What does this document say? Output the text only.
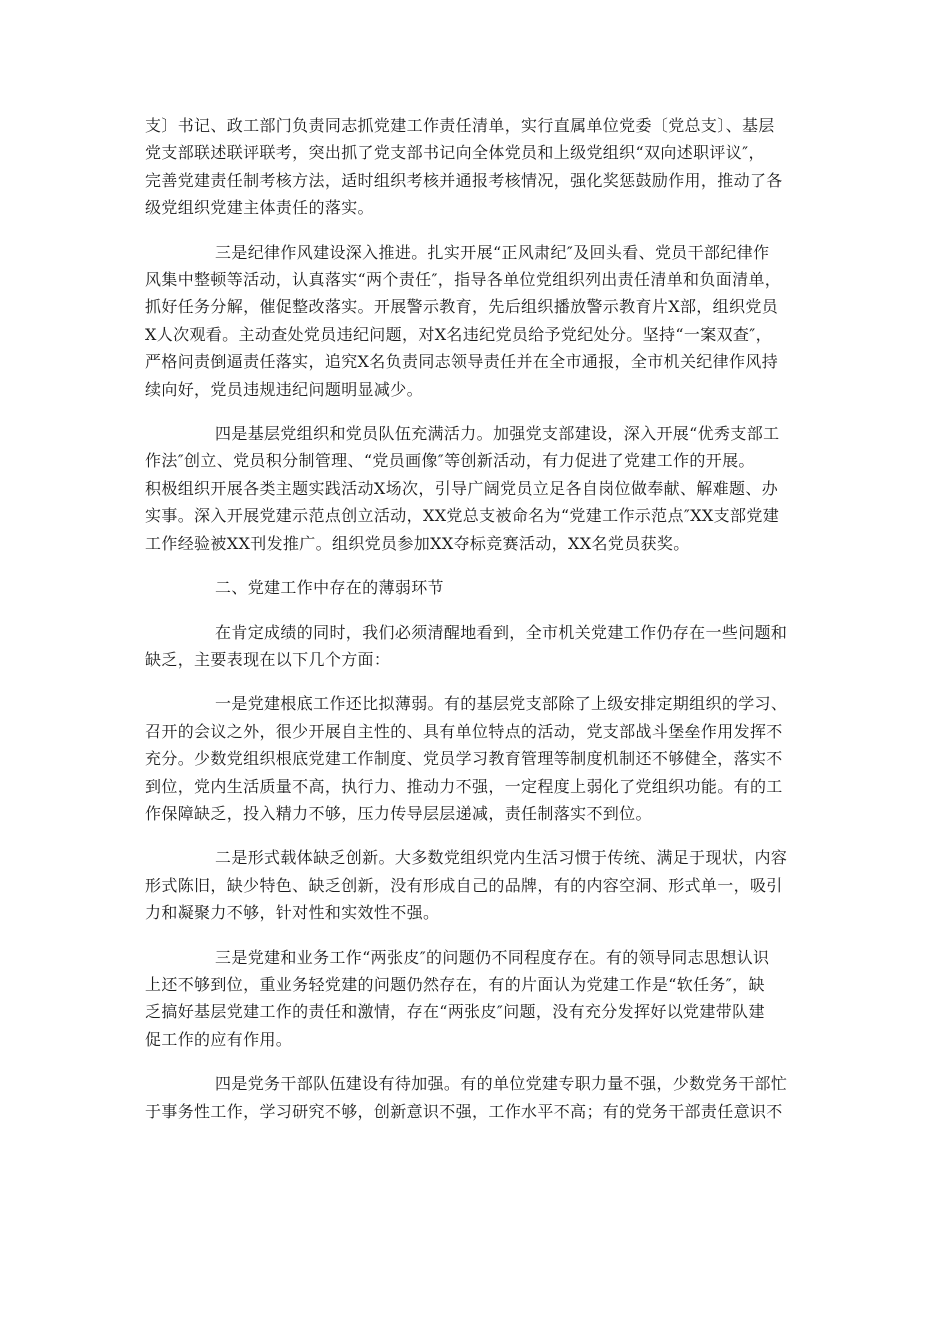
支〕书记、政工部门负责同志抓党建工作责任清单，实行直属单位党委〔党总支〕、基层
党支部联述联评联考，突出抓了党支部书记向全体党员和上级党组织“双向述职评议″，
完善党建责任制考核方法，适时组织考核并通报考核情况，强化奖惩鼓励作用，推动了各
级党组织党建主体责任的落实。
三是纪律作风建设深入推进。扎实开展“正风肃纪″及回头看、党员干部纪律作
风集中整顿等活动，认真落实“两个责任″，指导各单位党组织列出责任清单和负面清单，
抓好任务分解，催促整改落实。开展警示教育，先后组织播放警示教育片X部，组织党员
X人次观看。主动查处党员违纪问题，对X名违纪党员给予党纪处分。坚持“一案双查″，
严格问责倒逼责任落实，追究X名负责同志领导责任并在全市通报，全市机关纪律作风持
续向好，党员违规违纪问题明显减少。
四是基层党组织和党员队伍充满活力。加强党支部建设，深入开展“优秀支部工
作法″创立、党员积分制管理、“党员画像″等创新活动，有力促进了党建工作的开展。
积极组织开展各类主题实践活动X场次，引导广阔党员立足各自岗位做奉献、解难题、办
实事。深入开展党建示范点创立活动，XX党总支被命名为“党建工作示范点″XX支部党建
工作经验被XX刊发推广。组织党员参加XX夺标竞赛活动，XX名党员获奖。
二、党建工作中存在的薄弱环节
在肯定成绩的同时，我们必须清醒地看到，全市机关党建工作仍存在一些问题和
缺乏，主要表现在以下几个方面：
一是党建根底工作还比拟薄弱。有的基层党支部除了上级安排定期组织的学习、
召开的会议之外，很少开展自主性的、具有单位特点的活动，党支部战斗堡垒作用发挥不
充分。少数党组织根底党建工作制度、党员学习教育管理等制度机制还不够健全，落实不
到位，党内生活质量不高，执行力、推动力不强，一定程度上弱化了党组织功能。有的工
作保障缺乏，投入精力不够，压力传导层层递减，责任制落实不到位。
二是形式载体缺乏创新。大多数党组织党内生活习惯于传统、满足于现状，内容
形式陈旧，缺少特色、缺乏创新，没有形成自己的品牌，有的内容空洞、形式单一，吸引
力和凝聚力不够，针对性和实效性不强。
三是党建和业务工作“两张皮″的问题仍不同程度存在。有的领导同志思想认识
上还不够到位，重业务轻党建的问题仍然存在，有的片面认为党建工作是“软任务″，缺
乏搞好基层党建工作的责任和激情，存在“两张皮″问题，没有充分发挥好以党建带队建
促工作的应有作用。
四是党务干部队伍建设有待加强。有的单位党建专职力量不强，少数党务干部忙
于事务性工作，学习研究不够，创新意识不强，工作水平不高；有的党务干部责任意识不
